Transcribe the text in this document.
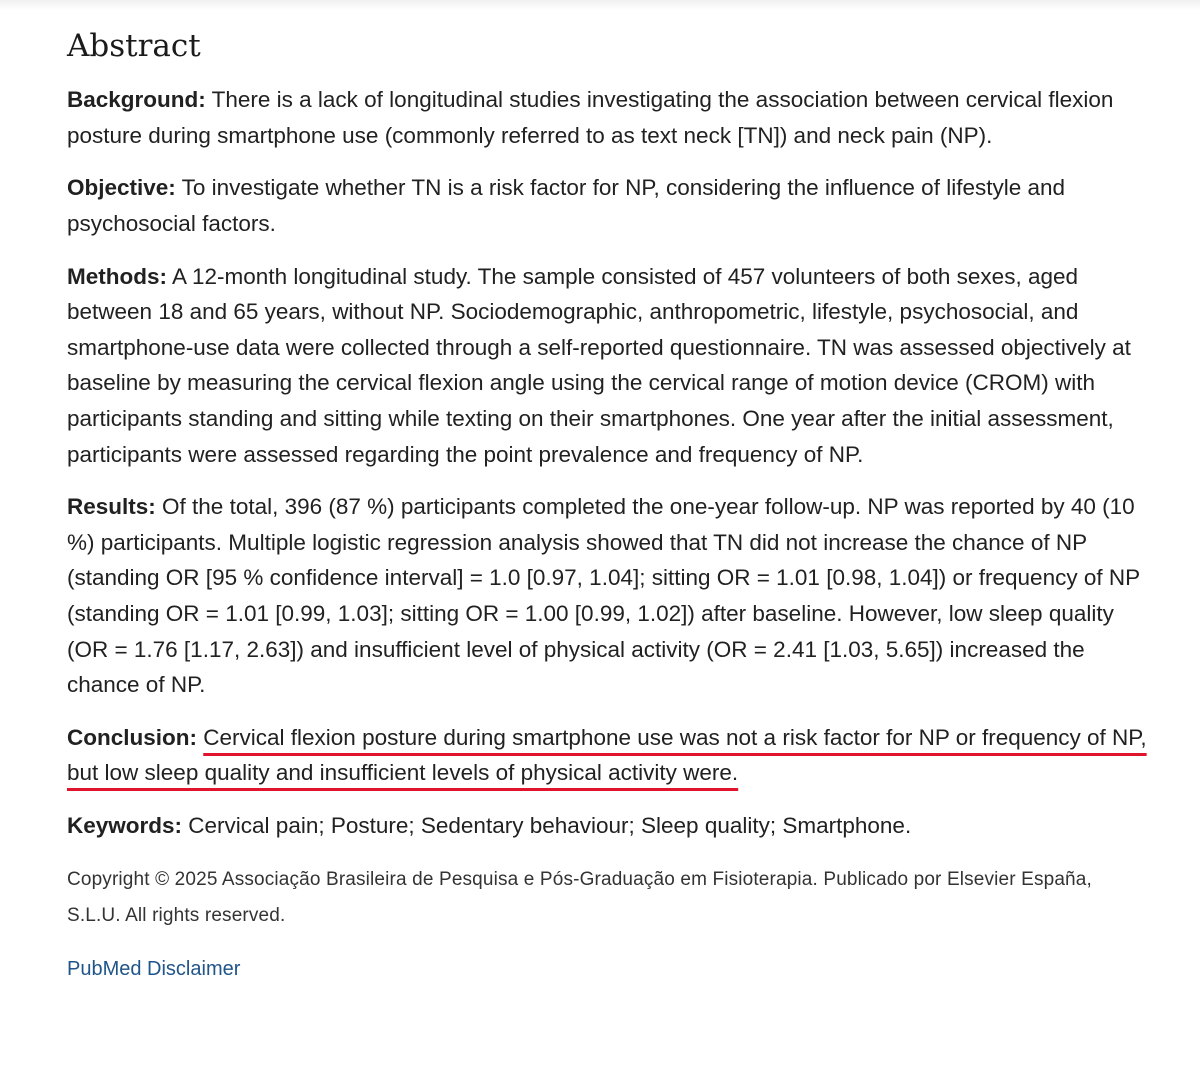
Abstract

Background: There is a lack of longitudinal studies investigating the association between cervical flexion posture during smartphone use (commonly referred to as text neck [TN]) and neck pain (NP).

Objective: To investigate whether TN is a risk factor for NP, considering the influence of lifestyle and psychosocial factors.

Methods: A 12-month longitudinal study. The sample consisted of 457 volunteers of both sexes, aged between 18 and 65 years, without NP. Sociodemographic, anthropometric, lifestyle, psychosocial, and smartphone-use data were collected through a self-reported questionnaire. TN was assessed objectively at baseline by measuring the cervical flexion angle using the cervical range of motion device (CROM) with participants standing and sitting while texting on their smartphones. One year after the initial assessment, participants were assessed regarding the point prevalence and frequency of NP.

Results: Of the total, 396 (87 %) participants completed the one-year follow-up. NP was reported by 40 (10 %) participants. Multiple logistic regression analysis showed that TN did not increase the chance of NP (standing OR [95 % confidence interval] = 1.0 [0.97, 1.04]; sitting OR = 1.01 [0.98, 1.04]) or frequency of NP (standing OR = 1.01 [0.99, 1.03]; sitting OR = 1.00 [0.99, 1.02]) after baseline. However, low sleep quality (OR = 1.76 [1.17, 2.63]) and insufficient level of physical activity (OR = 2.41 [1.03, 5.65]) increased the chance of NP.

Conclusion: Cervical flexion posture during smartphone use was not a risk factor for NP or frequency of NP, but low sleep quality and insufficient levels of physical activity were.

Keywords: Cervical pain; Posture; Sedentary behaviour; Sleep quality; Smartphone.

Copyright © 2025 Associação Brasileira de Pesquisa e Pós-Graduação em Fisioterapia. Publicado por Elsevier España, S.L.U. All rights reserved.

PubMed Disclaimer
